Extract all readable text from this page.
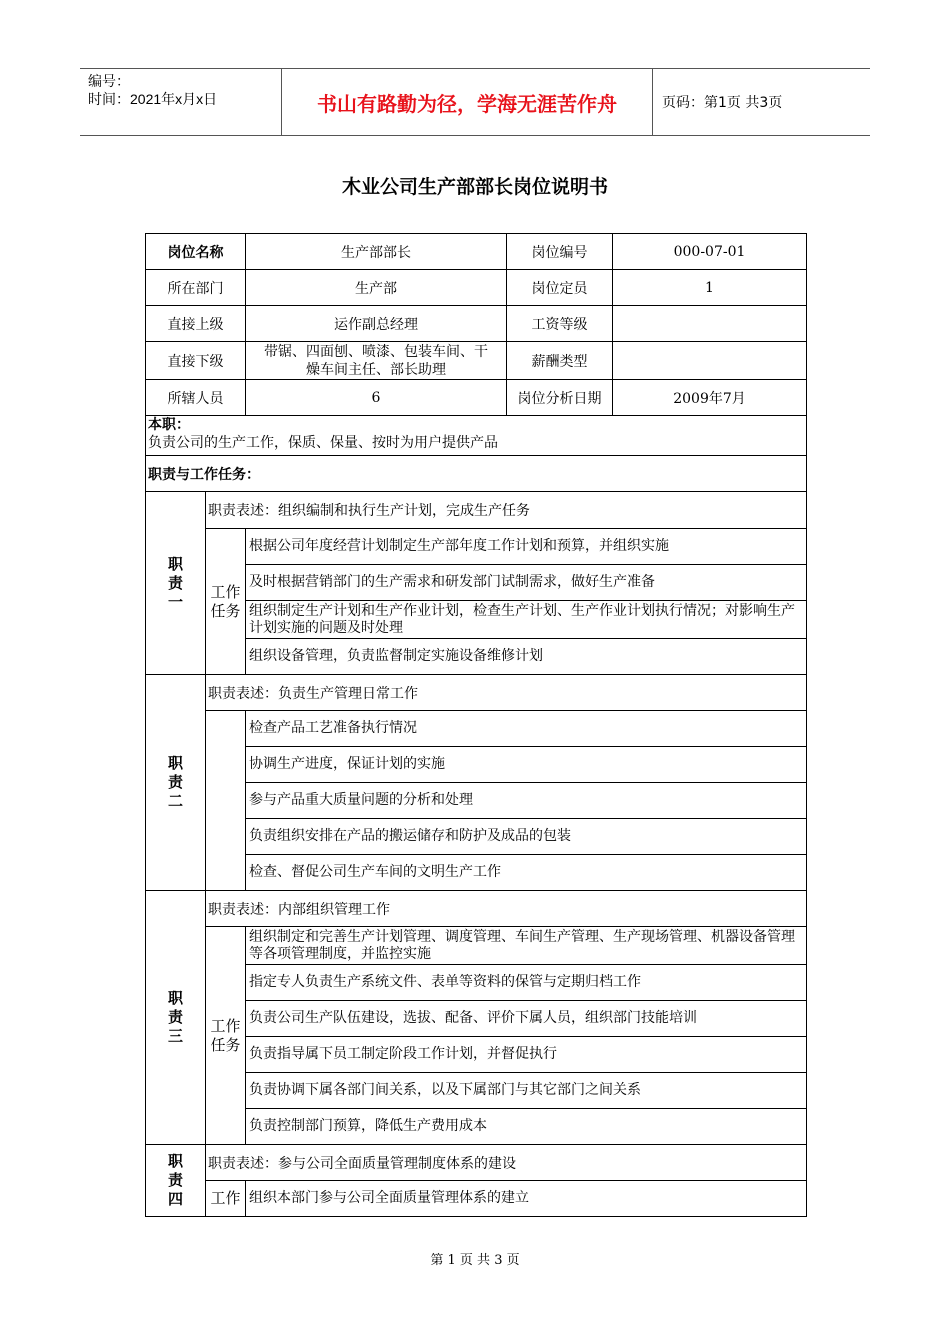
编号：
时间：2021年x月x日	书山有路勤为径，学海无涯苦作舟	页码：第1页 共3页
木业公司生产部部长岗位说明书
岗位名称		生产部部长	岗位编号	000-07-01
所在部门		生产部	岗位定员	1
直接上级		运作副总经理	工资等级	
直接下级		带锯、四面刨、喷漆、包装车间、干燥车间主任、部长助理	薪酬类型	
所辖人员		6	岗位分析日期	2009年7月

本职：
负责公司的生产工作，保质、保量、按时为用户提供产品				

职责与工作任务：				
职责一	职责表述：组织编制和执行生产计划，完成生产任务			
	工作任务	根据公司年度经营计划制定生产部年度工作计划和预算，并组织实施		
		及时根据营销部门的生产需求和研发部门试制需求，做好生产准备		
		组织制定生产计划和生产作业计划，检查生产计划、生产作业计划执行情况；对影响生产计划实施的问题及时处理		
		组织设备管理，负责监督制定实施设备维修计划		
职责二	职责表述：负责生产管理日常工作			
		检查产品工艺准备执行情况		
		协调生产进度，保证计划的实施		
		参与产品重大质量问题的分析和处理		
		负责组织安排在产品的搬运储存和防护及成品的包装		
		检查、督促公司生产车间的文明生产工作		
职责三	职责表述：内部组织管理工作			
	工作任务	组织制定和完善生产计划管理、调度管理、车间生产管理、生产现场管理、机器设备管理等各项管理制度，并监控实施		
		指定专人负责生产系统文件、表单等资料的保管与定期归档工作		
		负责公司生产队伍建设，选拔、配备、评价下属人员，组织部门技能培训		
		负责指导属下员工制定阶段工作计划，并督促执行		
		负责协调下属各部门间关系，以及下属部门与其它部门之间关系		
		负责控制部门预算，降低生产费用成本		
职责四	职责表述：参与公司全面质量管理制度体系的建设			
	工作	组织本部门参与公司全面质量管理体系的建立		
第 1 页 共 3 页
